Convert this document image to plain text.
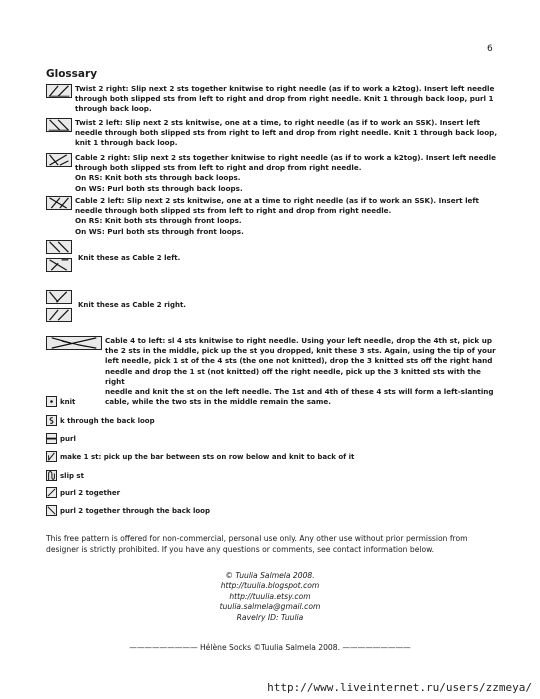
6
Glossary
Twist 2 right: Slip next 2 sts together knitwise to right needle (as if to work a k2tog). Insert left needle
through both slipped sts from left to right and drop from right needle. Knit 1 through back loop, purl 1
through back loop.
Twist 2 left: Slip next 2 sts knitwise, one at a time, to right needle (as if to work an SSK). Insert left
needle through both slipped sts from right to left and drop from right needle. Knit 1 through back loop,
knit 1 through back loop.
Cable 2 right: Slip next 2 sts together knitwise to right needle (as if to work a k2tog). Insert left needle
through both slipped sts from left to right and drop from right needle.
On RS: Knit both sts through back loops.
On WS: Purl both sts through back loops.
Cable 2 left: Slip next 2 sts knitwise, one at a time to right needle (as if to work an SSK). Insert left
needle through both slipped sts from left to right and drop from right needle.
On RS: Knit both sts through front loops.
On WS: Purl both sts through front loops.
Knit these as Cable 2 left.
Knit these as Cable 2 right.
Cable 4 to left: sl 4 sts knitwise to right needle. Using your left needle, drop the 4th st, pick up
the 2 sts in the middle, pick up the st you dropped, knit these 3 sts. Again, using the tip of your
left needle, pick 1 st of the 4 sts (the one not knitted), drop the 3 knitted sts off the right hand
needle and drop the 1 st (not knitted) off the right needle, pick up the 3 knitted sts with the right
needle and knit the st on the left needle. The 1st and 4th of these 4 sts will form a left-slanting
cable, while the two sts in the middle remain the same.
knit
k through the back loop
purl
make 1 st: pick up the bar between sts on row below and knit to back of it
slip st
purl 2 together
purl 2 together through the back loop
This free pattern is offered for non-commercial, personal use only. Any other use without prior permission from designer is strictly prohibited. If you have any questions or comments, see contact information below.
© Tuulia Salmela 2008.
http://tuulia.blogspot.com
http://tuulia.etsy.com
tuulia.salmela@gmail.com
Ravelry ID: Tuulia
————————— Hélène Socks ©Tuulia Salmela 2008. —————————
http://www.liveinternet.ru/users/zzmeya/
